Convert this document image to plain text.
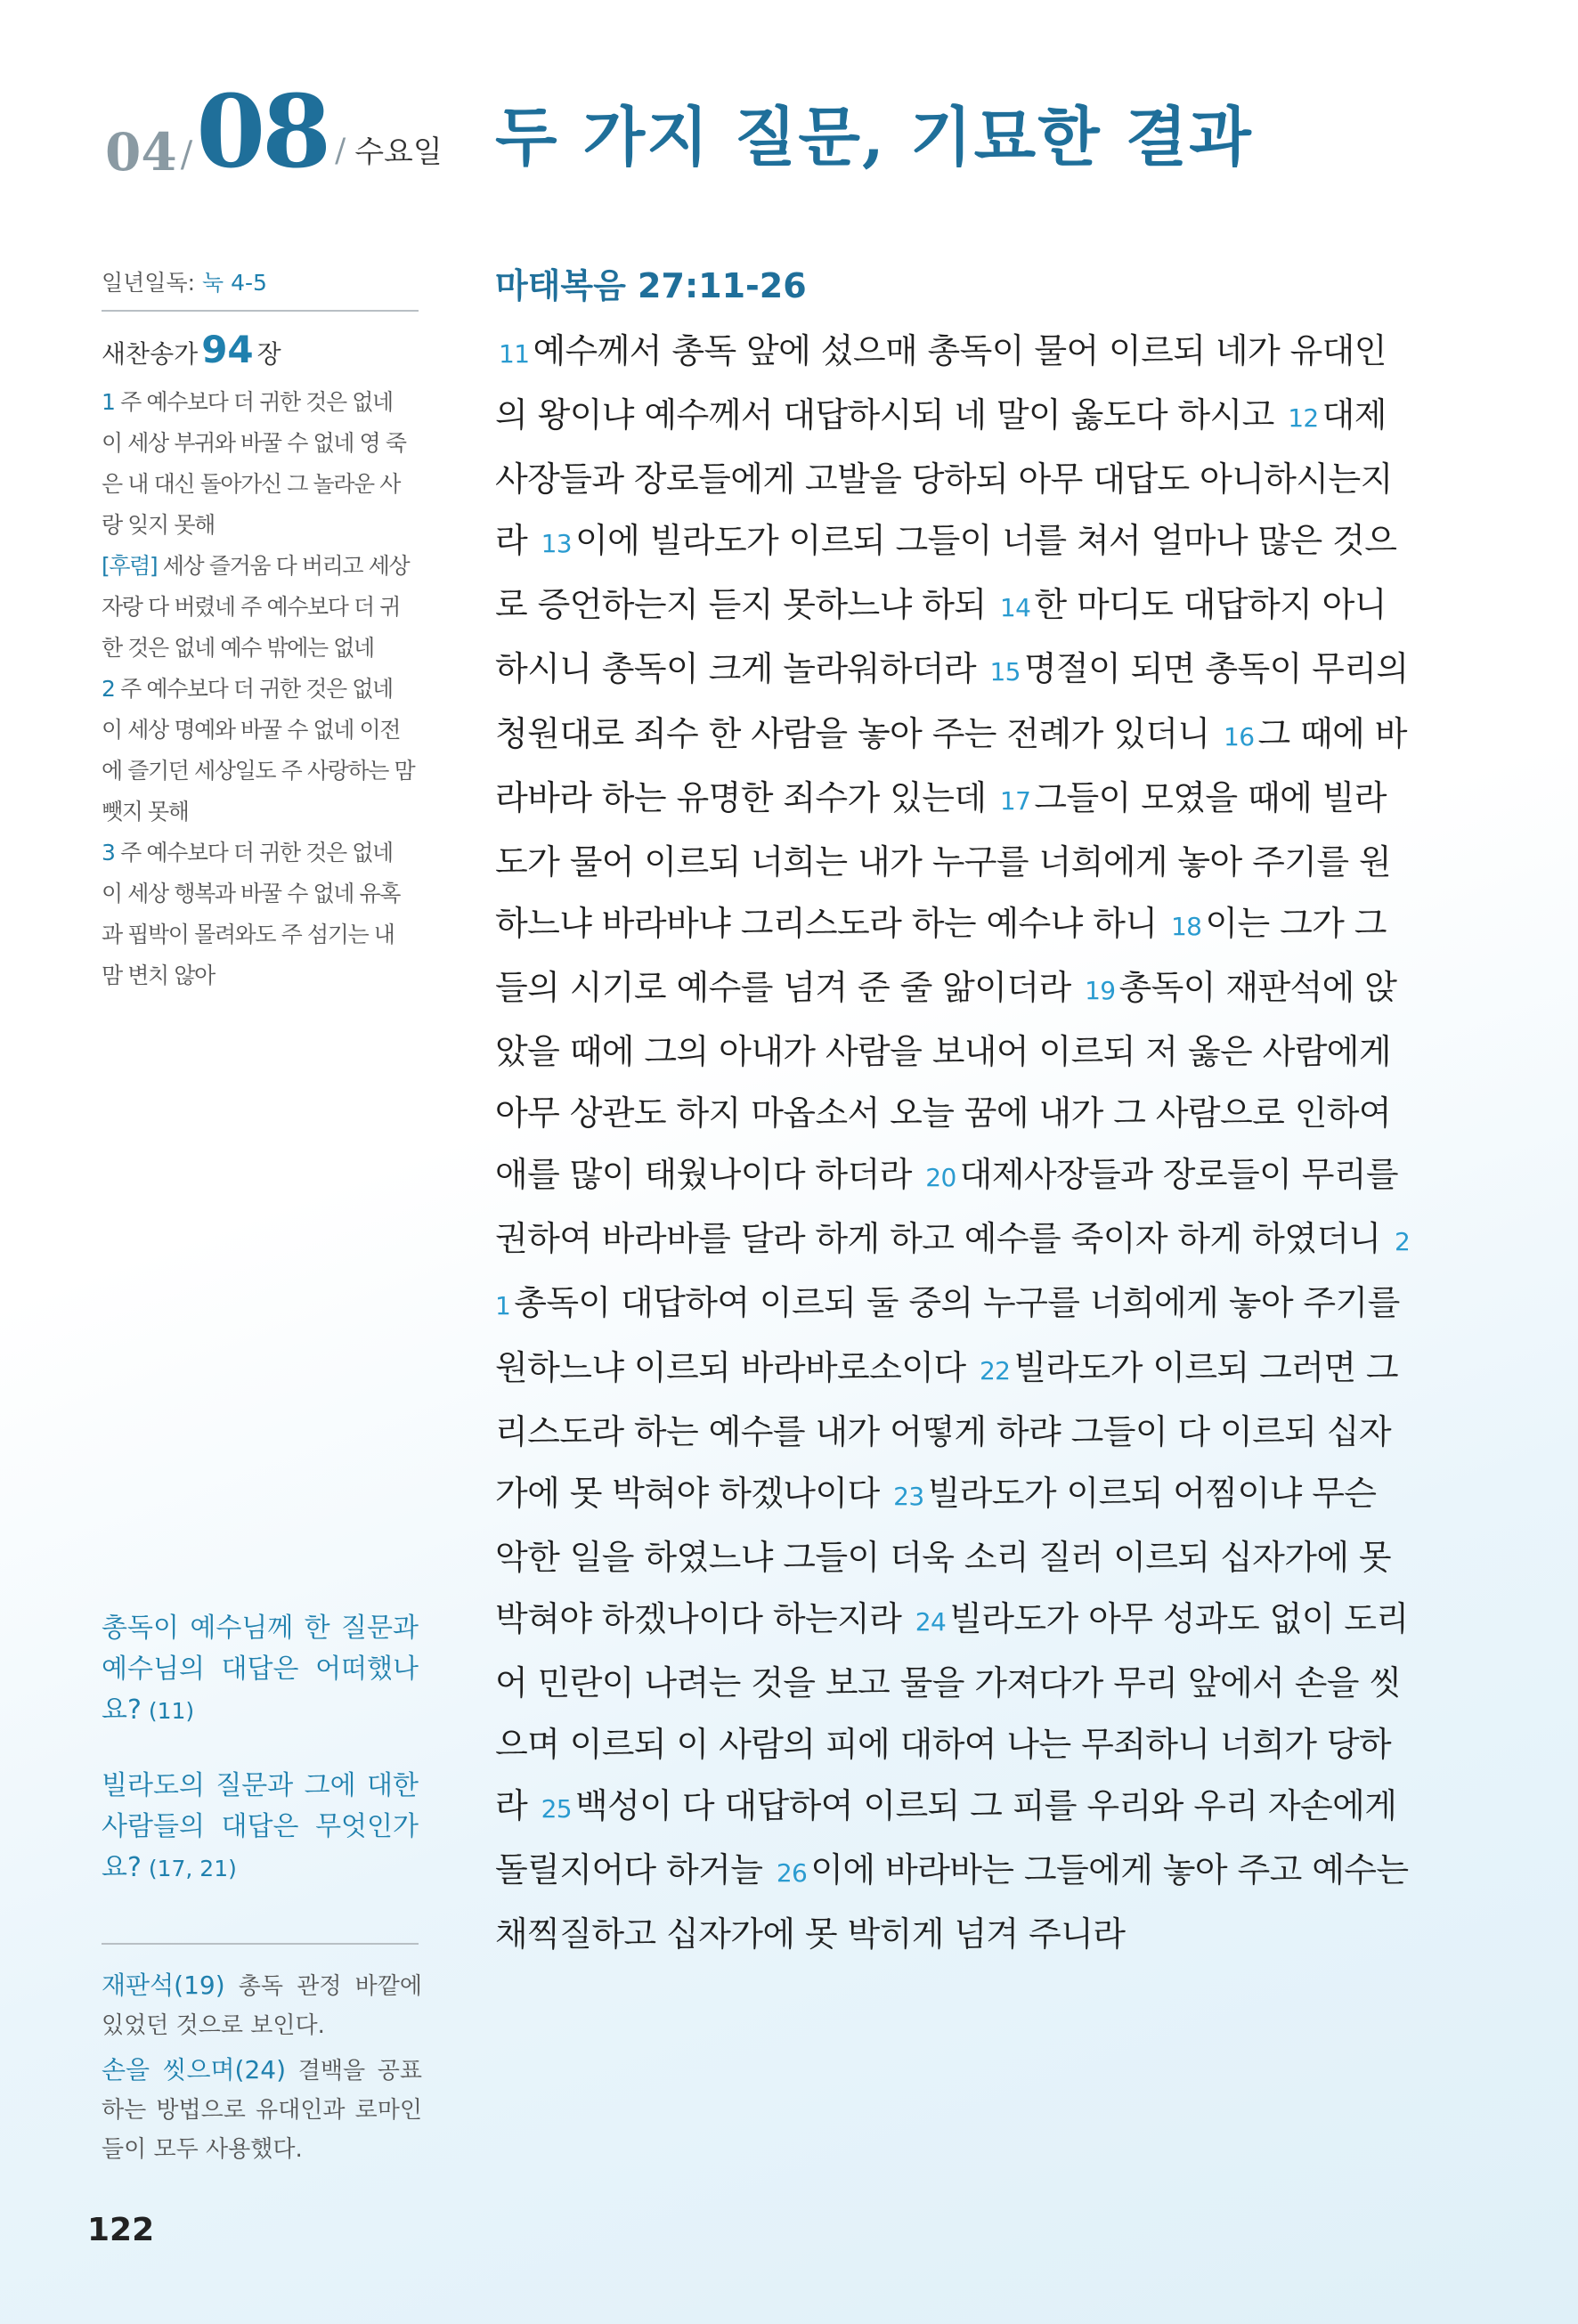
04 / 08 / 수요일 두 가지 질문, 기묘한 결과
일년일독: 눅 4-5
새찬송가 94 장

1 주 예수보다 더 귀한 것은 없네 이 세상 부귀와 바꿀 수 없네 영 죽은 내 대신 돌아가신 그 놀라운 사랑 잊지 못해

[후렴] 세상 즐거움 다 버리고 세상 자랑 다 버렸네 주 예수보다 더 귀한 것은 없네 예수 밖에는 없네

2 주 예수보다 더 귀한 것은 없네 이 세상 명예와 바꿀 수 없네 이전에 즐기던 세상일도 주 사랑하는 맘 뺏지 못해

3 주 예수보다 더 귀한 것은 없네 이 세상 행복과 바꿀 수 없네 유혹과 핍박이 몰려와도 주 섬기는 내 맘 변치 않아

총독이 예수님께 한 질문과 예수님의 대답은 어떠했나요? (11)

빌라도의 질문과 그에 대한 사람들의 대답은 무엇인가요? (17, 21)

재판석(19) 총독 관정 바깥에 있었던 것으로 보인다.

손을 씻으며(24) 결백을 공표하는 방법으로 유대인과 로마인들이 모두 사용했다.

122
마태복음 27:11-26

11 예수께서 총독 앞에 섰으매 총독이 물어 이르되 네가 유대인의 왕이냐 예수께서 대답하시되 네 말이 옳도다 하시고 12 대제사장들과 장로들에게 고발을 당하되 아무 대답도 아니하시는지라 13 이에 빌라도가 이르되 그들이 너를 쳐서 얼마나 많은 것으로 증언하는지 듣지 못하느냐 하되 14 한 마디도 대답하지 아니하시니 총독이 크게 놀라워하더라 15 명절이 되면 총독이 무리의 청원대로 죄수 한 사람을 놓아 주는 전례가 있더니 16 그 때에 바라바라 하는 유명한 죄수가 있는데 17 그들이 모였을 때에 빌라도가 물어 이르되 너희는 내가 누구를 너희에게 놓아 주기를 원하느냐 바라바냐 그리스도라 하는 예수냐 하니 18 이는 그가 그들의 시기로 예수를 넘겨 준 줄 앎이더라 19 총독이 재판석에 앉았을 때에 그의 아내가 사람을 보내어 이르되 저 옳은 사람에게 아무 상관도 하지 마옵소서 오늘 꿈에 내가 그 사람으로 인하여 애를 많이 태웠나이다 하더라 20 대제사장들과 장로들이 무리를 권하여 바라바를 달라 하게 하고 예수를 죽이자 하게 하였더니 21 총독이 대답하여 이르되 둘 중의 누구를 너희에게 놓아 주기를 원하느냐 이르되 바라바로소이다 22 빌라도가 이르되 그러면 그리스도라 하는 예수를 내가 어떻게 하랴 그들이 다 이르되 십자가에 못 박혀야 하겠나이다 23 빌라도가 이르되 어찜이냐 무슨 악한 일을 하였느냐 그들이 더욱 소리 질러 이르되 십자가에 못 박혀야 하겠나이다 하는지라 24 빌라도가 아무 성과도 없이 도리어 민란이 나려는 것을 보고 물을 가져다가 무리 앞에서 손을 씻으며 이르되 이 사람의 피에 대하여 나는 무죄하니 너희가 당하라 25 백성이 다 대답하여 이르되 그 피를 우리와 우리 자손에게 돌릴지어다 하거늘 26 이에 바라바는 그들에게 놓아 주고 예수는 채찍질하고 십자가에 못 박히게 넘겨 주니라
